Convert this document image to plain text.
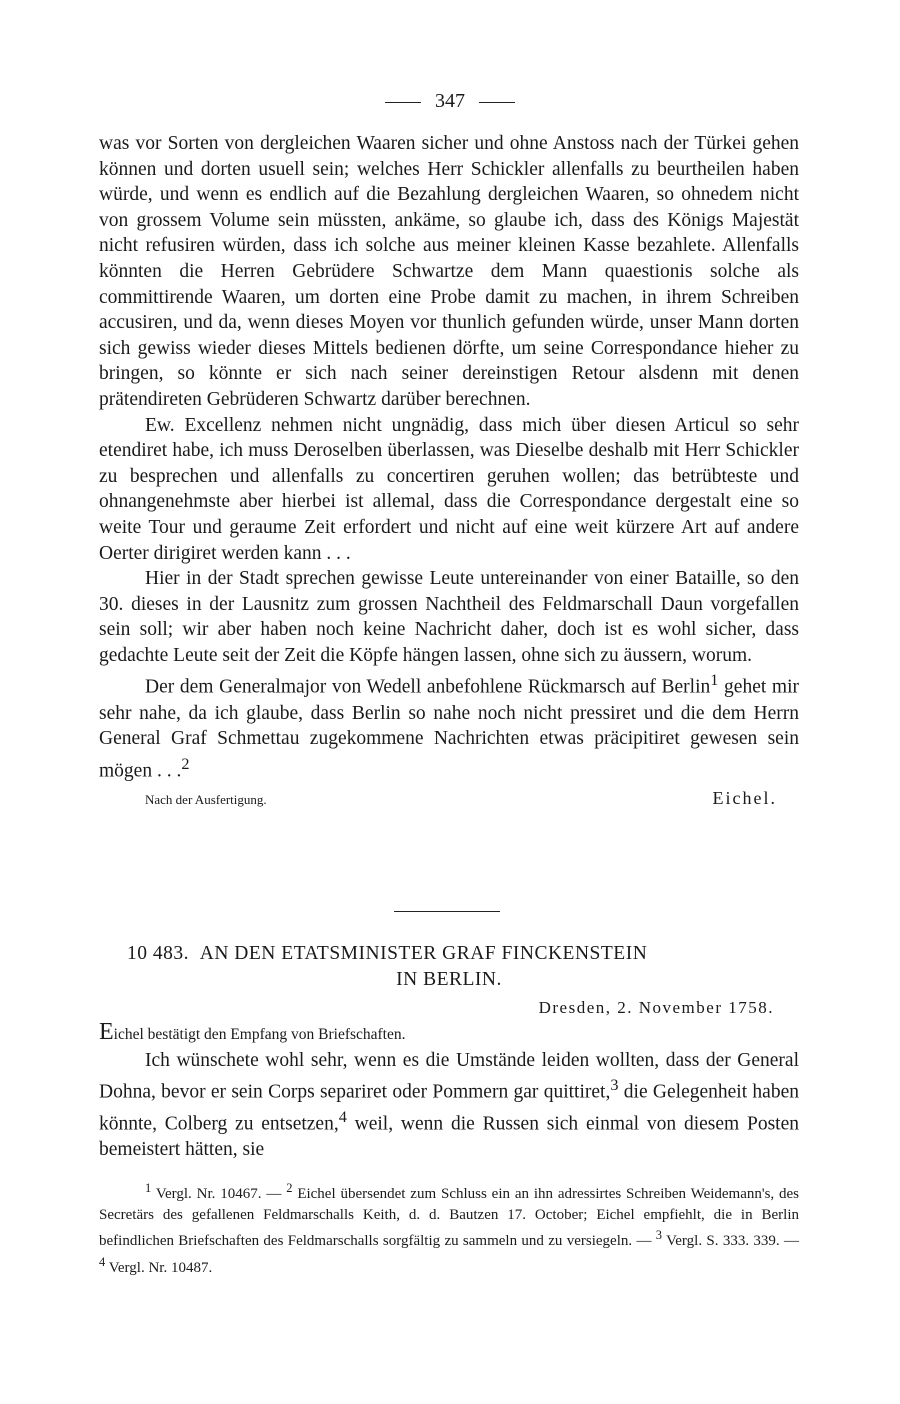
347

was vor Sorten von dergleichen Waaren sicher und ohne Anstoss nach der Türkei gehen können und dorten usuell sein; welches Herr Schickler allenfalls zu beurtheilen haben würde, und wenn es endlich auf die Bezahlung dergleichen Waaren, so ohnedem nicht von grossem Volume sein müssten, ankäme, so glaube ich, dass des Königs Majestät nicht refusiren würden, dass ich solche aus meiner kleinen Kasse bezahlete. Allenfalls könnten die Herren Gebrüdere Schwartze dem Mann quaestionis solche als committirende Waaren, um dorten eine Probe damit zu machen, in ihrem Schreiben accusiren, und da, wenn dieses Moyen vor thunlich gefunden würde, unser Mann dorten sich gewiss wieder dieses Mittels bedienen dörfte, um seine Correspondance hieher zu bringen, so könnte er sich nach seiner dereinstigen Retour alsdenn mit denen prätendireten Gebrüderen Schwartz darüber berechnen.

Ew. Excellenz nehmen nicht ungnädig, dass mich über diesen Articul so sehr etendiret habe, ich muss Deroselben überlassen, was Dieselbe deshalb mit Herr Schickler zu besprechen und allenfalls zu concertiren geruhen wollen; das betrübteste und ohnangenehmste aber hierbei ist allemal, dass die Correspondance dergestalt eine so weite Tour und geraume Zeit erfordert und nicht auf eine weit kürzere Art auf andere Oerter dirigiret werden kann . . .

Hier in der Stadt sprechen gewisse Leute untereinander von einer Bataille, so den 30. dieses in der Lausnitz zum grossen Nachtheil des Feldmarschall Daun vorgefallen sein soll; wir aber haben noch keine Nachricht daher, doch ist es wohl sicher, dass gedachte Leute seit der Zeit die Köpfe hängen lassen, ohne sich zu äussern, worum.

Der dem Generalmajor von Wedell anbefohlene Rückmarsch auf Berlin$^1$ gehet mir sehr nahe, da ich glaube, dass Berlin so nahe noch nicht pressiret und die dem Herrn General Graf Schmettau zugekommene Nachrichten etwas präcipitiret gewesen sein mögen . . .$^2$

Nach der Ausfertigung.	Eichel.
10 483. AN DEN ETATSMINISTER GRAF FINCKENSTEIN
IN BERLIN.
Dresden, 2. November 1758.

Eichel bestätigt den Empfang von Briefschaften.

Ich wünschete wohl sehr, wenn es die Umstände leiden wollten, dass der General Dohna, bevor er sein Corps separiret oder Pommern gar quittiret,$^3$ die Gelegenheit haben könnte, Colberg zu entsetzen,$^4$ weil, wenn die Russen sich einmal von diesem Posten bemeistert hätten, sie

$^1$ Vergl. Nr. 10467. — $^2$ Eichel übersendet zum Schluss ein an ihn adressirtes Schreiben Weidemann's, des Secretärs des gefallenen Feldmarschalls Keith, d. d. Bautzen 17. October; Eichel empfiehlt, die in Berlin befindlichen Briefschaften des Feldmarschalls sorgfältig zu sammeln und zu versiegeln. — $^3$ Vergl. S. 333. 339. — $^4$ Vergl. Nr. 10487.
